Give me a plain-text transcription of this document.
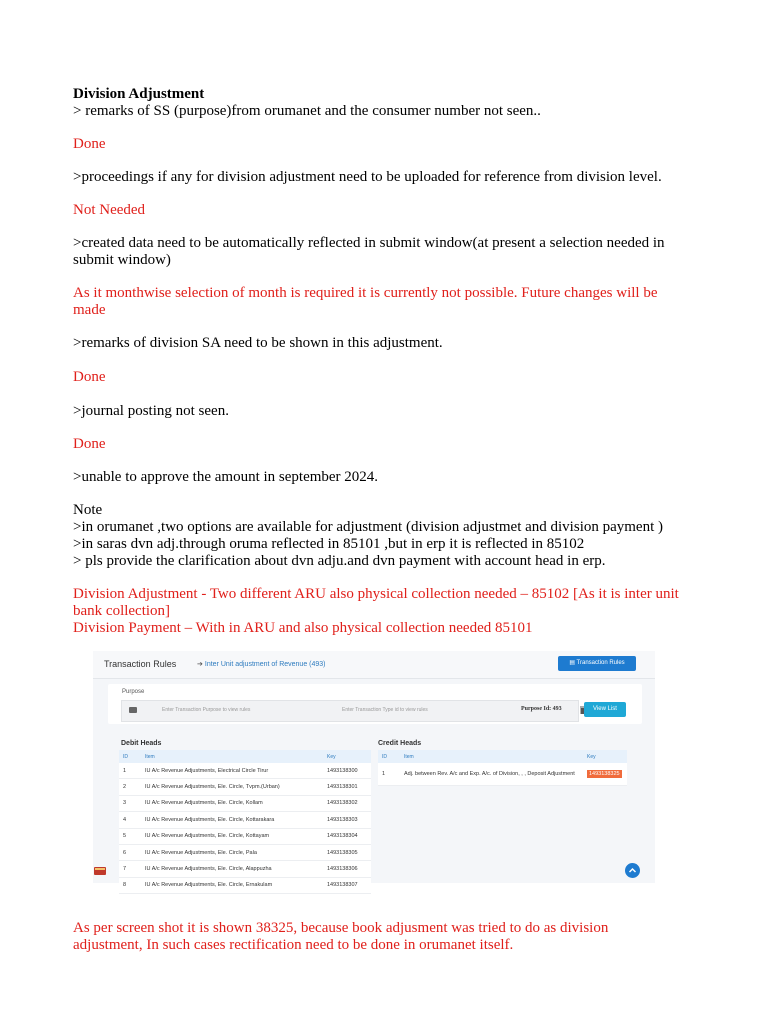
Division Adjustment

> remarks of SS (purpose)from orumanet and the consumer number not seen..

Done

>proceedings if any for division adjustment need to be uploaded for reference from division level.

Not Needed

>created data need to be automatically reflected in submit window(at present a selection needed in submit window)

As it monthwise selection of month is required it is currently not possible. Future changes will be made

>remarks of division SA need to be shown in this adjustment.

Done

>journal posting not seen.

Done

>unable to approve the amount in september 2024.

Note

>in orumanet ,two options are available for adjustment (division adjustmet and division payment )

>in saras dvn adj.through oruma reflected in 85101 ,but in erp it is reflected in 85102

> pls provide the clarification about dvn adju.and dvn payment with account head in erp.

Division Adjustment - Two different ARU also physical collection needed – 85102 [As it is inter unit bank collection]

Division Payment – With in ARU and also physical collection needed 85101

Transaction Rules	➔ Inter Unit adjustment of Revenue (493)	▤ Transaction Rules
Purpose
Enter Transaction Purpose to view rules	Enter Transaction Type id to view rules	Purpose Id: 493	View List
Debit Heads	Credit Heads
ID	Item	Key
1	IU A/c Revenue Adjustments, Electrical Circle Tirur	1493138300
2	IU A/c Revenue Adjustments, Ele. Circle, Tvpm.(Urban)	1493138301
3	IU A/c Revenue Adjustments, Ele. Circle, Kollam	1493138302
4	IU A/c Revenue Adjustments, Ele. Circle, Kottarakara	1493138303
5	IU A/c Revenue Adjustments, Ele. Circle, Kottayam	1493138304
6	IU A/c Revenue Adjustments, Ele. Circle, Pala	1493138305
7	IU A/c Revenue Adjustments, Ele. Circle, Alappuzha	1493138306
8	IU A/c Revenue Adjustments, Ele. Circle, Ernakulam	1493138307
ID	Item	Key
1	Adj. between Rev. A/c and Exp. A/c. of Division, , , Deposit Adjustment	1493138325
As per screen shot it is shown 38325, because book adjusment was tried to do as division adjustment, In such cases rectification need to be done in orumanet itself.
